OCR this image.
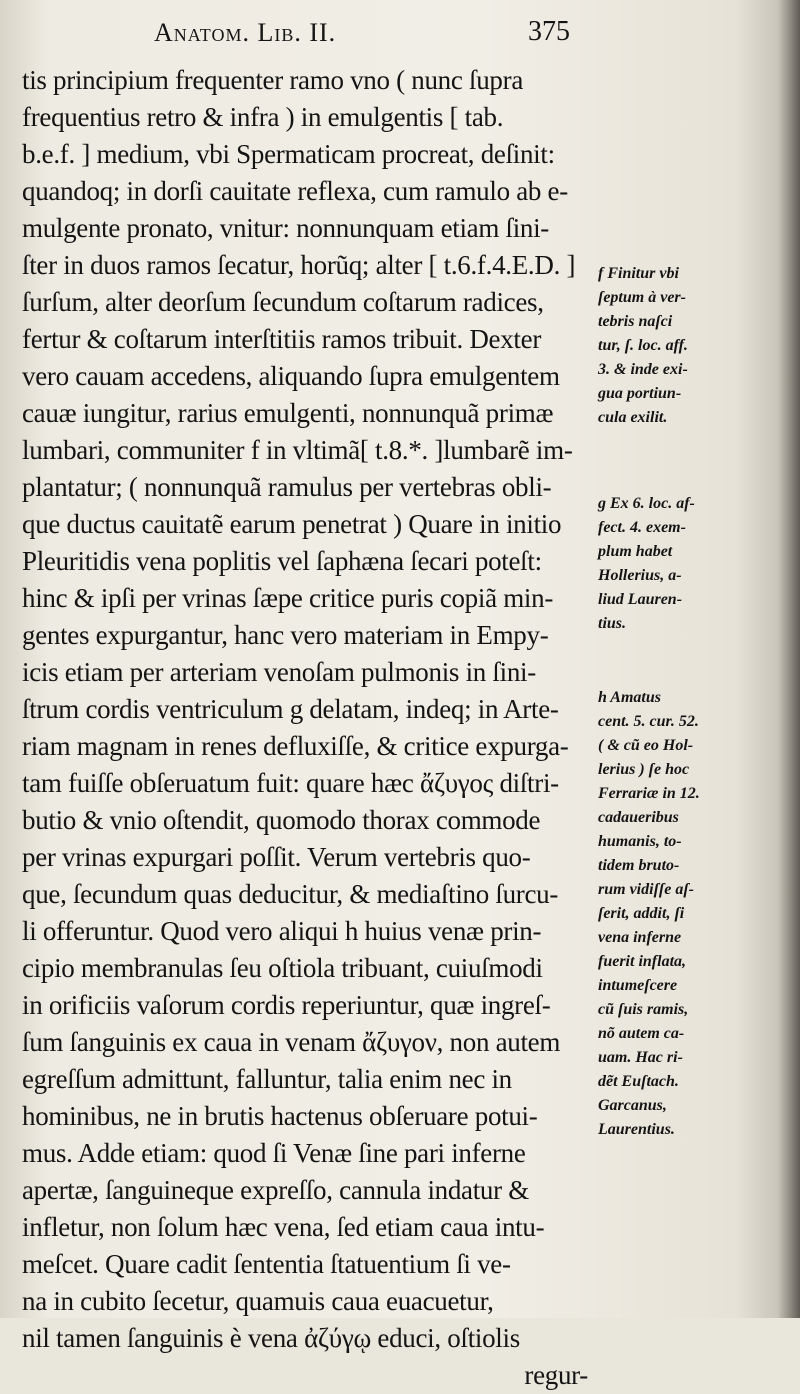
Anatom. Lib. II.	375
tis principium frequenter ramo vno ( nunc ſupra
frequentius retro & infra ) in emulgentis [ tab.
b.e.f. ] medium, vbi Spermaticam procreat, deſinit:
quandoq; in dorſi cauitate reflexa, cum ramulo ab e-
mulgente pronato, vnitur: nonnunquam etiam ſini-
ſter in duos ramos ſecatur, horũq; alter [ t.6.f.4.E.D. ]
ſurſum, alter deorſum ſecundum coſtarum radices,
fertur & coſtarum interſtitiis ramos tribuit. Dexter
vero cauam accedens, aliquando ſupra emulgentem
cauæ iungitur, rarius emulgenti, nonnunquã primæ
lumbari, communiter f in vltimã[ t.8.*. ]lumbarẽ im-
plantatur; ( nonnunquã ramulus per vertebras obli-
que ductus cauitatẽ earum penetrat ) Quare in initio
Pleuritidis vena poplitis vel ſaphæna ſecari poteſt:
hinc & ipſi per vrinas ſæpe critice puris copiã min-
gentes expurgantur, hanc vero materiam in Empy-
icis etiam per arteriam venoſam pulmonis in ſini-
ſtrum cordis ventriculum g delatam, indeq; in Arte-
riam magnam in renes defluxiſſe, & critice expurga-
tam fuiſſe obſeruatum fuit: quare hæc ἄζυγος diſtri-
butio & vnio oſtendit, quomodo thorax commode
per vrinas expurgari poſſit. Verum vertebris quo-
que, ſecundum quas deducitur, & mediaſtino ſurcu-
li offeruntur. Quod vero aliqui h huius venæ prin-
cipio membranulas ſeu oſtiola tribuant, cuiuſmodi
in orificiis vaſorum cordis reperiuntur, quæ ingreſ-
ſum ſanguinis ex caua in venam ἄζυγον, non autem
egreſſum admittunt, falluntur, talia enim nec in
hominibus, ne in brutis hactenus obſeruare potui-
mus. Adde etiam: quod ſi Venæ ſine pari inferne
apertæ, ſanguineque expreſſo, cannula indatur &
infletur, non ſolum hæc vena, ſed etiam caua intu-
meſcet. Quare cadit ſententia ſtatuentium ſi ve-
na in cubito ſecetur, quamuis caua euacuetur,
nil tamen ſanguinis è vena ἀζύγῳ educi, oſtiolis
regur-
f Finitur vbi
ſeptum à ver-
tebris naſci
tur, ſ. loc. aff.
3. & inde exi-
gua portiun-
cula exilit.
g Ex 6. loc. af-
fect. 4. exem-
plum habet
Hollerius, a-
liud Lauren-
tius.
h Amatus
cent. 5. cur. 52.
( & cũ eo Hol-
lerius ) ſe hoc
Ferrariæ in 12.
cadaueribus
humanis, to-
tidem bruto-
rum vidiſſe aſ-
ſerit, addit, ſi
vena inferne
fuerit inflata,
intumeſcere
cũ ſuis ramis,
nõ autem ca-
uam. Hac ri-
dẽt Euſtach.
Garcanus,
Laurentius.
